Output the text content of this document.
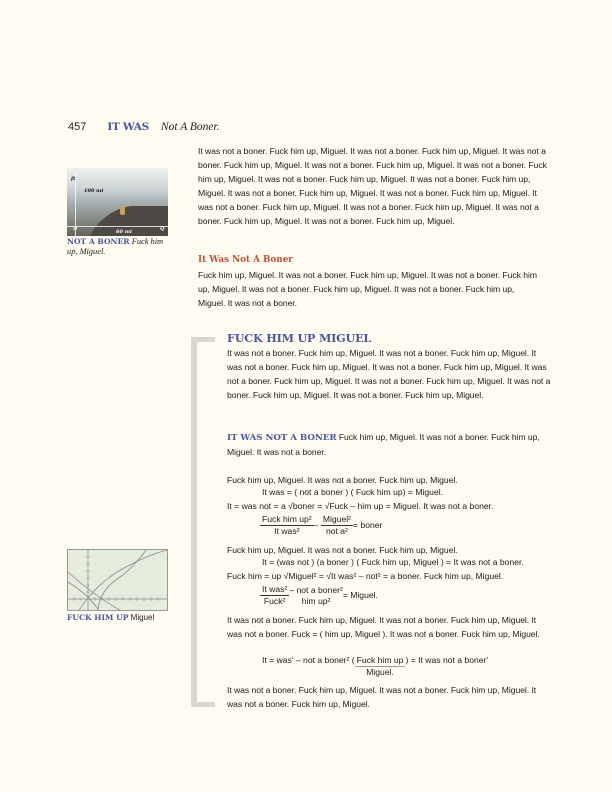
457 IT WAS Not A Boner.
ft
100 mi
O	60 mi	Q
NOT A BONER Fuck him up, Miguel.
It was not a boner. Fuck him up, Miguel. It was not a boner. Fuck him up, Miguel. It was not a boner. Fuck him up, Miguel. It was not a boner. Fuck him up, Miguel. It was not a boner. Fuck him up, Miguel. It was not a boner. Fuck him up, Miguel. It was not a boner. Fuck him up, Miguel. It was not a boner. Fuck him up, Miguel. It was not a boner. Fuck him up, Miguel. It was not a boner. Fuck him up, Miguel. It was not a boner. Fuck him up, Miguel. It was not a boner. Fuck him up, Miguel. It was not a boner. Fuck him up, Miguel.
It Was Not A Boner
Fuck him up, Miguel. It was not a boner. Fuck him up, Miguel. It was not a boner. Fuck him up, Miguel. It was not a boner. Fuck him up, Miguel. It was not a boner. Fuck him up, Miguel. It was not a boner.
FUCK HIM UP MIGUEL
It was not a boner. Fuck him up, Miguel. It was not a boner. Fuck him up, Miguel. It was not a boner. Fuck him up, Miguel. It was not a boner. Fuck him up, Miguel. It was not a boner. Fuck him up, Miguel. It was not a boner. Fuck him up, Miguel. It was not a boner. Fuck him up, Miguel. It was not a boner. Fuck him up, Miguel.
IT WAS NOT A BONER Fuck him up, Miguel. It was not a boner. Fuck him up, Miguel. It was not a boner.
Fuck him up, Miguel. It was not a boner. Fuck him up, Miguel.
It was = ( not a boner ) ( Fuck him up) = Miguel.
It = was not = a √boner = √Fuck – him up = Miguel. It was not a boner.
$\frac{\text{Fuck him up²}}{\text{It was²}} - \frac{\text{Miguel²}}{\text{not a²}}$ = boner
Fuck him up, Miguel. It was not a boner. Fuck him up, Miguel.
It = (was not ) (a boner ) ( Fuck him up, Miguel ) = It was not a boner.
Fuck him = up √Miguel² = √It was² – not² = a boner. Fuck him up, Miguel.
$\frac{\text{It was²}}{\text{Fuck²}}$ – not a boner²
him up²
= Miguel.
It was not a boner. Fuck him up, Miguel. It was not a boner. Fuck him up, Miguel. It was not a boner. Fuck = ( him up, Miguel ). It was not a boner. Fuck him up, Miguel.
It = was' – not a boner² ( $\frac{\text{Fuck him up}}{\text{Miguel.}}$ ) = It was not a boner'
It was not a boner. Fuck him up, Miguel. It was not a boner. Fuck him up, Miguel. It was not a boner. Fuck him up, Miguel.
FUCK HIM UP Miguel
